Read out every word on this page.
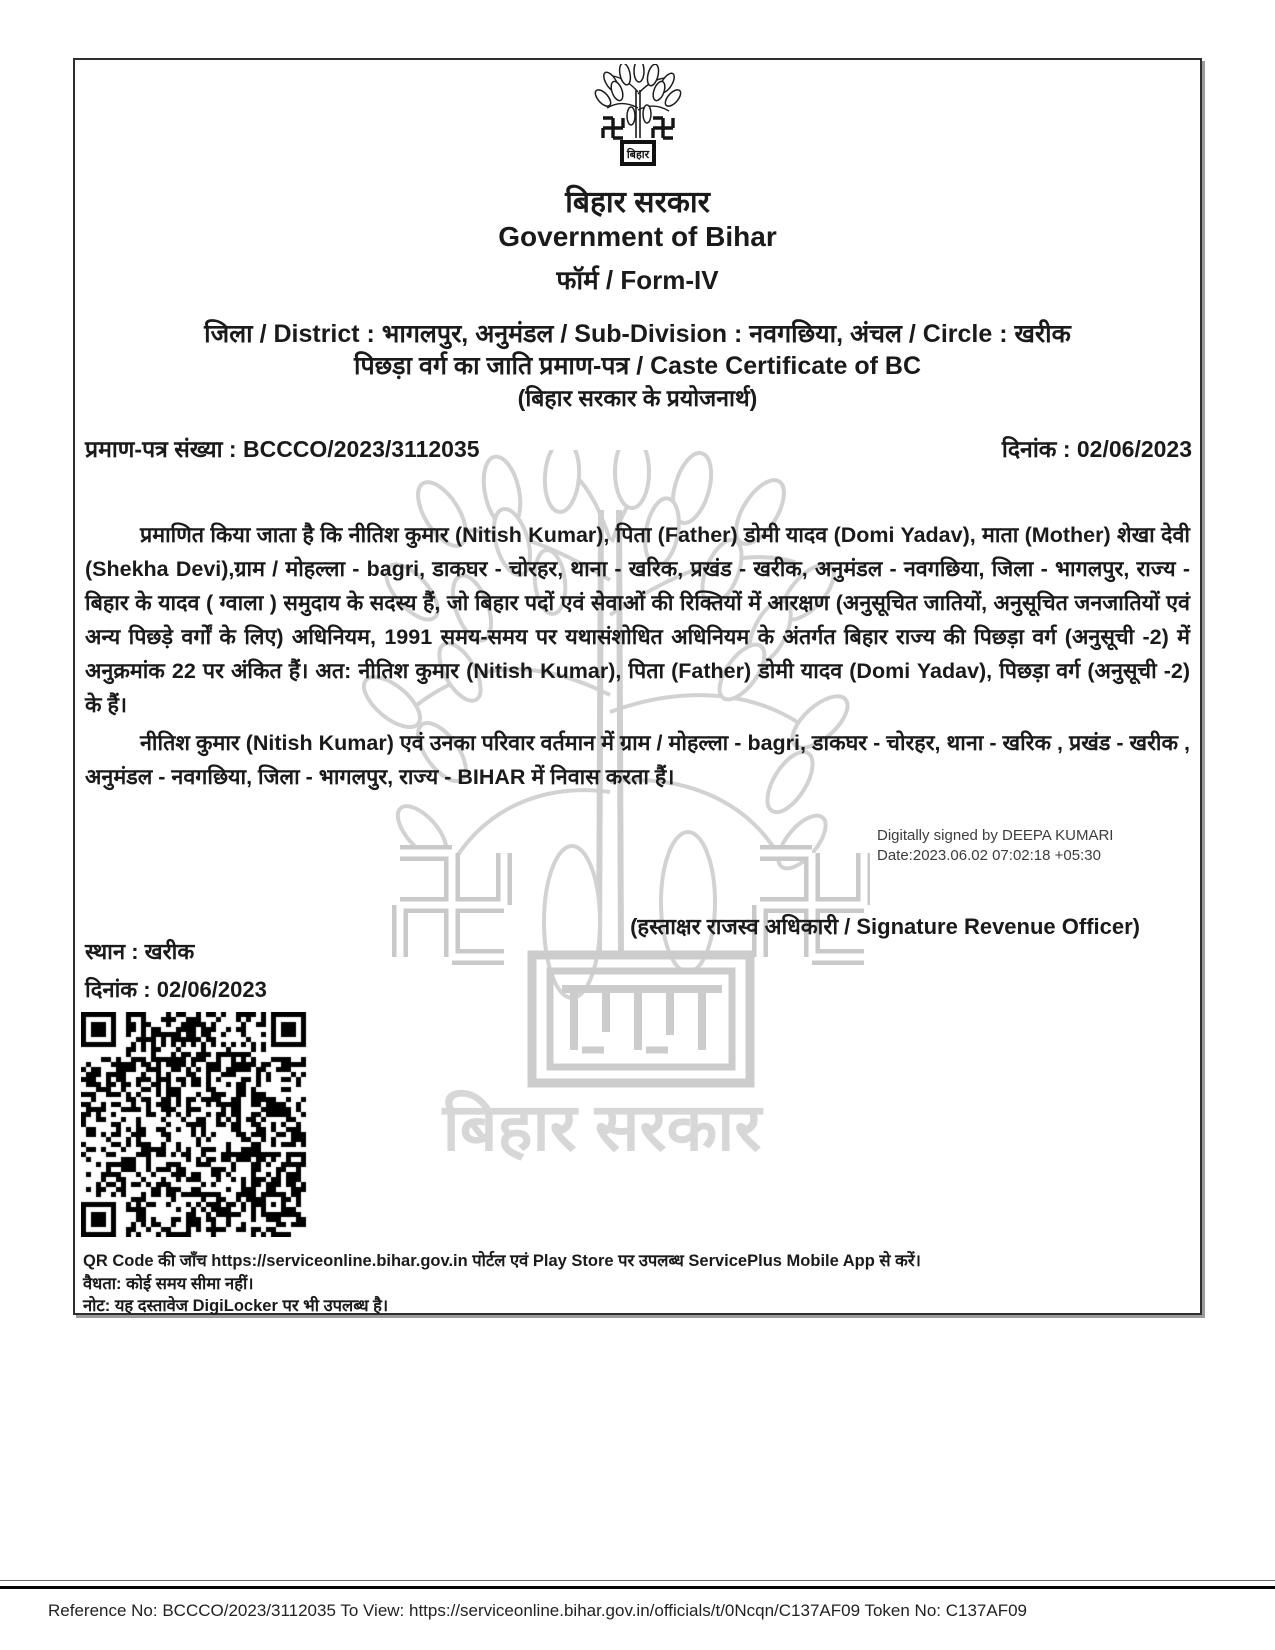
बिहार सरकार
बिहार
बिहार सरकार
Government of Bihar
फॉर्म / Form-IV
जिला / District : भागलपुर, अनुमंडल / Sub-Division : नवगछिया, अंचल / Circle : खरीक
पिछड़ा वर्ग का जाति प्रमाण-पत्र / Caste Certificate of BC
(बिहार सरकार के प्रयोजनार्थ)
प्रमाण-पत्र संख्या : BCCCO/2023/3112035	दिनांक : 02/06/2023
प्रमाणित किया जाता है कि नीतिश कुमार (Nitish Kumar), पिता (Father) डोमी यादव (Domi Yadav), माता (Mother) शेखा देवी (Shekha Devi),ग्राम / मोहल्ला - bagri, डाकघर - चोरहर, थाना - खरिक, प्रखंड - खरीक, अनुमंडल - नवगछिया, जिला - भागलपुर, राज्य - बिहार के यादव ( ग्वाला ) समुदाय के सदस्य हैं, जो बिहार पदों एवं सेवाओं की रिक्तियों में आरक्षण (अनुसूचित जातियों, अनुसूचित जनजातियों एवं अन्य पिछड़े वर्गों के लिए) अधिनियम, 1991 समय-समय पर यथासंशोधित अधिनियम के अंतर्गत बिहार राज्य की पिछड़ा वर्ग (अनुसूची -2) में अनुक्रमांक 22 पर अंकित हैं। अत: नीतिश कुमार (Nitish Kumar), पिता (Father) डोमी यादव (Domi Yadav), पिछड़ा वर्ग (अनुसूची -2) के हैं।
नीतिश कुमार (Nitish Kumar) एवं उनका परिवार वर्तमान में ग्राम / मोहल्ला - bagri, डाकघर - चोरहर, थाना - खरिक , प्रखंड - खरीक , अनुमंडल - नवगछिया, जिला - भागलपुर, राज्य - BIHAR में निवास करता हैं।
Digitally signed by DEEPA KUMARI
Date:2023.06.02 07:02:18 +05:30
(हस्ताक्षर राजस्व अधिकारी / Signature Revenue Officer)
स्थान : खरीक
दिनांक : 02/06/2023
QR Code की जाँच https://serviceonline.bihar.gov.in पोर्टल एवं Play Store पर उपलब्ध ServicePlus Mobile App से करें।
वैधता: कोई समय सीमा नहीं।
नोट: यह दस्तावेज DigiLocker पर भी उपलब्ध है।
Reference No: BCCCO/2023/3112035 To View: https://serviceonline.bihar.gov.in/officials/t/0Ncqn/C137AF09 Token No: C137AF09
